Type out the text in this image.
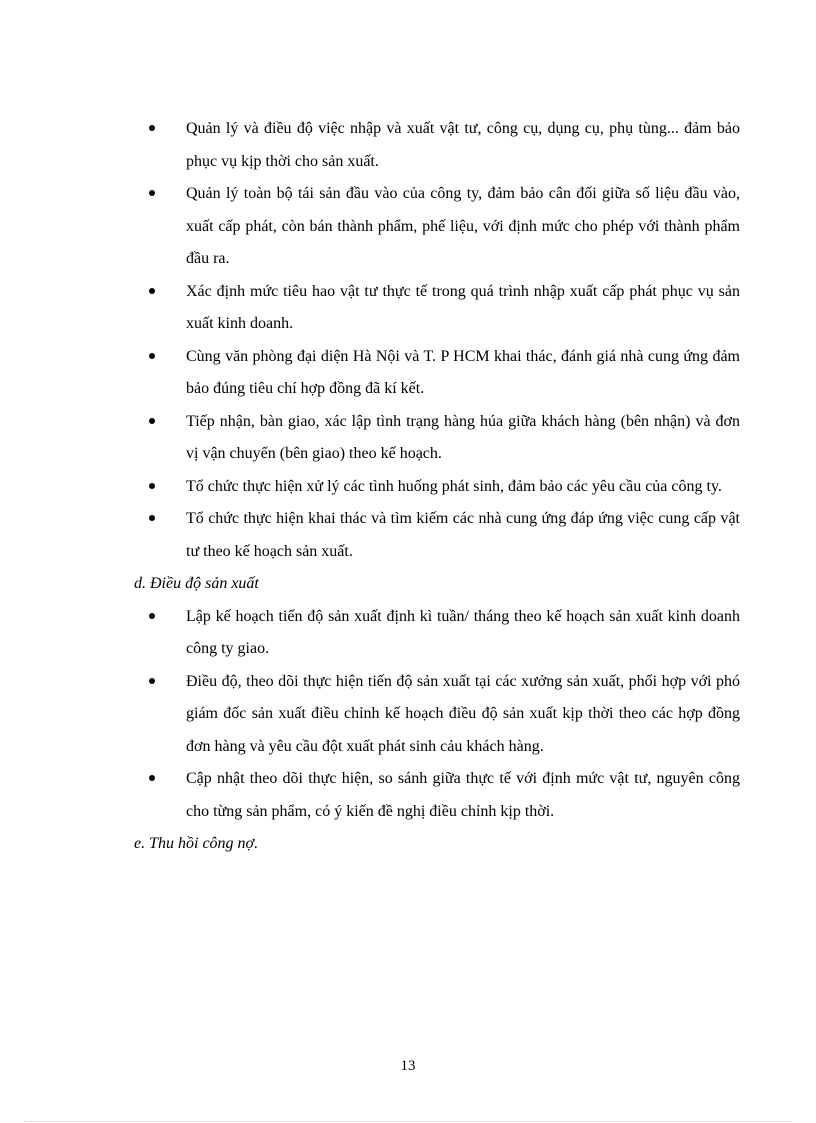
Quản lý và điều độ việc nhập và xuất vật tư, công cụ, dụng cụ, phụ tùng... đảm bảo phục vụ kịp thời cho sản xuất.
Quản lý toàn bộ tái sản đầu vào của công ty, đảm bảo cân đối giữa số liệu đầu vào, xuất cấp phát, còn bán thành phẩm, phế liệu, với định mức cho phép với thành phẩm đầu ra.
Xác định mức tiêu hao vật tư thực tế trong quá trình nhập xuất cấp phát phục vụ sản xuất kinh doanh.
Cùng văn phòng đại diện Hà Nội và T. P HCM khai thác, đánh giá nhà cung ứng đảm bảo đúng tiêu chí hợp đồng đã kí kết.
Tiếp nhận, bàn giao, xác lập tình trạng hàng húa giữa khách hàng (bên nhận) và đơn vị vận chuyển (bên giao) theo kế hoạch.
Tổ chức thực hiện xử lý các tình huống phát sinh, đảm bảo các yêu cầu của công ty.
Tổ chức thực hiện khai thác và tìm kiếm các nhà cung ứng đáp ứng việc cung cấp vật tư theo kế hoạch sản xuất.

d. Điều độ sản xuất

Lập kế hoạch tiến độ sản xuất định kì tuần/ tháng theo kế hoạch sản xuất kinh doanh công ty giao.
Điều độ, theo dõi thực hiện tiến độ sản xuất tại các xưởng sản xuất, phối hợp với phó giám đốc sản xuất điều chỉnh kế hoạch điều độ sản xuất kịp thời theo các hợp đồng đơn hàng và yêu cầu đột xuất phát sinh cảu khách hàng.
Cập nhật theo dõi thực hiện, so sánh giữa thực tế với định mức vật tư, nguyên công cho từng sản phẩm, có ý kiến đề nghị điều chỉnh kịp thời.

e. Thu hồi công nợ.

13
